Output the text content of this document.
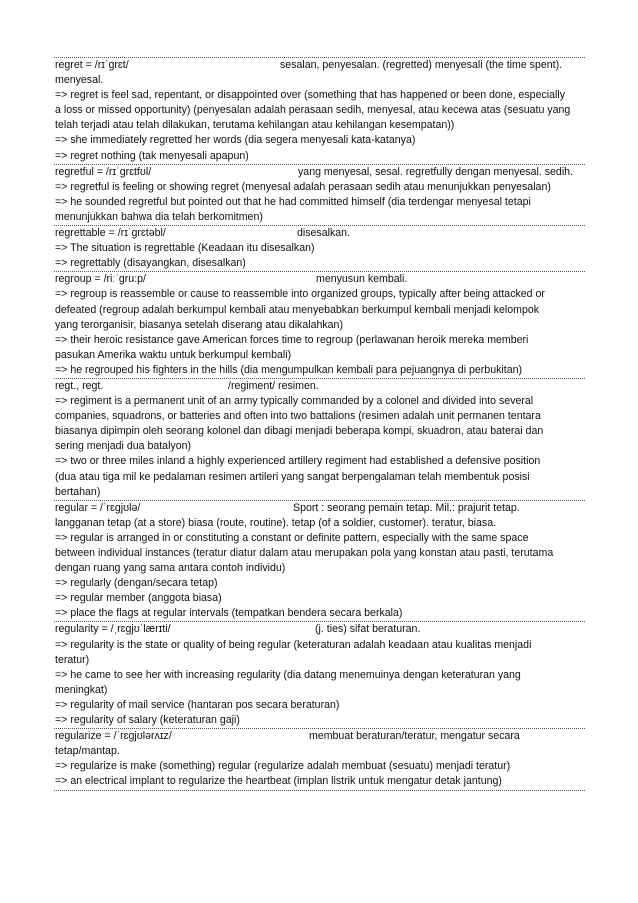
regret = /rɪˈɡrɛt/	sesalan, penyesalan. (regretted) menyesali (the time spent).
menyesal.
=> regret is feel sad, repentant, or disappointed over (something that has happened or been done, especially
a loss or missed opportunity) (penyesalan adalah perasaan sedih, menyesal, atau kecewa atas (sesuatu yang
telah terjadi atau telah dilakukan, terutama kehilangan atau kehilangan kesempatan))
=> she immediately regretted her words (dia segera menyesali kata-katanya)
=> regret nothing (tak menyesali apapun)
regretful = /rɪˈɡrɛtfʊl/	yang menyesal, sesal. regretfully dengan menyesal. sedih.
=> regretful is feeling or showing regret (menyesal adalah perasaan sedih atau menunjukkan penyesalan)
=> he sounded regretful but pointed out that he had committed himself (dia terdengar menyesal tetapi
menunjukkan bahwa dia telah berkomitmen)
regrettable = /rɪˈɡrɛtəbl/	disesalkan.
=> The situation is regrettable (Keadaan itu disesalkan)
=> regrettably (disayangkan, disesalkan)
regroup = /riːˈɡruːp/	menyusun kembali.
=> regroup is reassemble or cause to reassemble into organized groups, typically after being attacked or
defeated (regroup adalah berkumpul kembali atau menyebabkan berkumpul kembali menjadi kelompok
yang terorganisir, biasanya setelah diserang atau dikalahkan)
=> their heroic resistance gave American forces time to regroup (perlawanan heroik mereka memberi
pasukan Amerika waktu untuk berkumpul kembali)
=> he regrouped his fighters in the hills (dia mengumpulkan kembali para pejuangnya di perbukitan)
regt., regt.	/regiment/ resimen.
=> regiment is a permanent unit of an army typically commanded by a colonel and divided into several
companies, squadrons, or batteries and often into two battalions (resimen adalah unit permanen tentara
biasanya dipimpin oleh seorang kolonel dan dibagi menjadi beberapa kompi, skuadron, atau baterai dan
sering menjadi dua batalyon)
=> two or three miles inland a highly experienced artillery regiment had established a defensive position
(dua atau tiga mil ke pedalaman resimen artileri yang sangat berpengalaman telah membentuk posisi
bertahan)
regular = /ˈrɛɡjʊlə/	Sport : seorang pemain tetap. Mil.: prajurit tetap.
langganan tetap (at a store) biasa (route, routine). tetap (of a soldier, customer). teratur, biasa.
=> regular is arranged in or constituting a constant or definite pattern, especially with the same space
between individual instances (teratur diatur dalam atau merupakan pola yang konstan atau pasti, terutama
dengan ruang yang sama antara contoh individu)
=> regularly (dengan/secara tetap)
=> regular member (anggota biasa)
=> place the flags at regular intervals (tempatkan bendera secara berkala)
regularity = /ˌrɛɡjʊˈlærɪti/	(j. ties) sifat beraturan.
=> regularity is the state or quality of being regular (keteraturan adalah keadaan atau kualitas menjadi
teratur)
=> he came to see her with increasing regularity (dia datang menemuinya dengan keteraturan yang
meningkat)
=> regularity of mail service (hantaran pos secara beraturan)
=> regularity of salary (keteraturan gaji)
regularize = /ˈrɛɡjʊlərʌɪz/	membuat beraturan/teratur, mengatur secara
tetap/mantap.
=> regularize is make (something) regular (regularize adalah membuat (sesuatu) menjadi teratur)
=> an electrical implant to regularize the heartbeat (implan listrik untuk mengatur detak jantung)
